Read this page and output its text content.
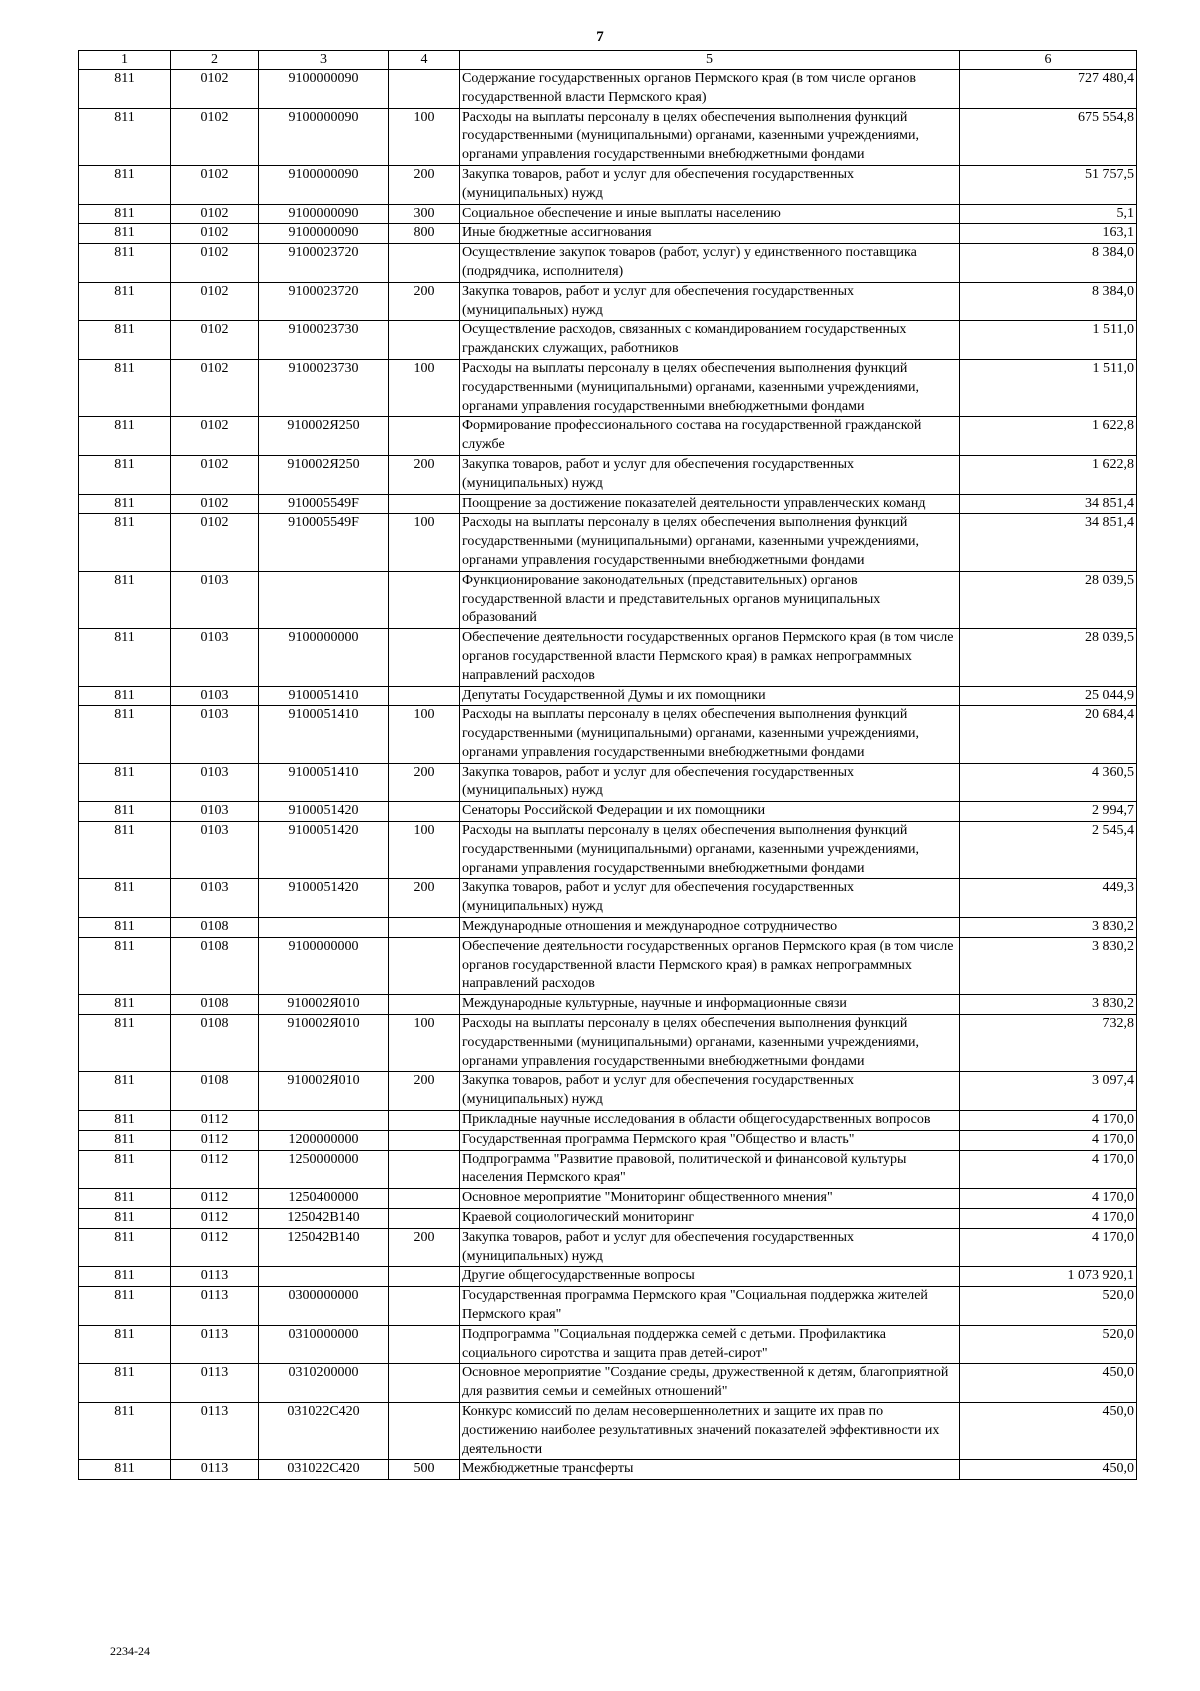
7
1	2	3	4	5	6
811	0102	9100000090		Содержание государственных органов Пермского края (в том числе органов государственной власти Пермского края)	727 480,4
811	0102	9100000090	100	Расходы на выплаты персоналу в целях обеспечения выполнения функций государственными (муниципальными) органами, казенными учреждениями, органами управления государственными внебюджетными фондами	675 554,8
811	0102	9100000090	200	Закупка товаров, работ и услуг для обеспечения государственных (муниципальных) нужд	51 757,5
811	0102	9100000090	300	Социальное обеспечение и иные выплаты населению	5,1
811	0102	9100000090	800	Иные бюджетные ассигнования	163,1
811	0102	9100023720		Осуществление закупок товаров (работ, услуг) у единственного поставщика (подрядчика, исполнителя)	8 384,0
811	0102	9100023720	200	Закупка товаров, работ и услуг для обеспечения государственных (муниципальных) нужд	8 384,0
811	0102	9100023730		Осуществление расходов, связанных с командированием государственных гражданских служащих, работников	1 511,0
811	0102	9100023730	100	Расходы на выплаты персоналу в целях обеспечения выполнения функций государственными (муниципальными) органами, казенными учреждениями, органами управления государственными внебюджетными фондами	1 511,0
811	0102	910002Я250		Формирование профессионального состава на государственной гражданской службе	1 622,8
811	0102	910002Я250	200	Закупка товаров, работ и услуг для обеспечения государственных (муниципальных) нужд	1 622,8
811	0102	910005549F		Поощрение за достижение показателей деятельности управленческих команд	34 851,4
811	0102	910005549F	100	Расходы на выплаты персоналу в целях обеспечения выполнения функций государственными (муниципальными) органами, казенными учреждениями, органами управления государственными внебюджетными фондами	34 851,4
811	0103			Функционирование законодательных (представительных) органов государственной власти и представительных органов муниципальных образований	28 039,5
811	0103	9100000000		Обеспечение деятельности государственных органов Пермского края (в том числе органов государственной власти Пермского края) в рамках непрограммных направлений расходов	28 039,5
811	0103	9100051410		Депутаты Государственной Думы и их помощники	25 044,9
811	0103	9100051410	100	Расходы на выплаты персоналу в целях обеспечения выполнения функций государственными (муниципальными) органами, казенными учреждениями, органами управления государственными внебюджетными фондами	20 684,4
811	0103	9100051410	200	Закупка товаров, работ и услуг для обеспечения государственных (муниципальных) нужд	4 360,5
811	0103	9100051420		Сенаторы Российской Федерации и их помощники	2 994,7
811	0103	9100051420	100	Расходы на выплаты персоналу в целях обеспечения выполнения функций государственными (муниципальными) органами, казенными учреждениями, органами управления государственными внебюджетными фондами	2 545,4
811	0103	9100051420	200	Закупка товаров, работ и услуг для обеспечения государственных (муниципальных) нужд	449,3
811	0108			Международные отношения и международное сотрудничество	3 830,2
811	0108	9100000000		Обеспечение деятельности государственных органов Пермского края (в том числе органов государственной власти Пермского края) в рамках непрограммных направлений расходов	3 830,2
811	0108	910002Я010		Международные культурные, научные и информационные связи	3 830,2
811	0108	910002Я010	100	Расходы на выплаты персоналу в целях обеспечения выполнения функций государственными (муниципальными) органами, казенными учреждениями, органами управления государственными внебюджетными фондами	732,8
811	0108	910002Я010	200	Закупка товаров, работ и услуг для обеспечения государственных (муниципальных) нужд	3 097,4
811	0112			Прикладные научные исследования в области общегосударственных вопросов	4 170,0
811	0112	1200000000		Государственная программа Пермского края "Общество и власть"	4 170,0
811	0112	1250000000		Подпрограмма "Развитие правовой, политической и финансовой культуры населения Пермского края"	4 170,0
811	0112	1250400000		Основное мероприятие "Мониторинг общественного мнения"	4 170,0
811	0112	125042В140		Краевой социологический мониторинг	4 170,0
811	0112	125042В140	200	Закупка товаров, работ и услуг для обеспечения государственных (муниципальных) нужд	4 170,0
811	0113			Другие общегосударственные вопросы	1 073 920,1
811	0113	0300000000		Государственная программа Пермского края "Социальная поддержка жителей Пермского края"	520,0
811	0113	0310000000		Подпрограмма "Социальная поддержка семей с детьми. Профилактика социального сиротства и защита прав детей-сирот"	520,0
811	0113	0310200000		Основное мероприятие "Создание среды, дружественной к детям, благоприятной для развития семьи и семейных отношений"	450,0
811	0113	031022С420		Конкурс комиссий по делам несовершеннолетних и защите их прав по достижению наиболее результативных значений показателей эффективности их деятельности	450,0
811	0113	031022С420	500	Межбюджетные трансферты	450,0
2234-24
